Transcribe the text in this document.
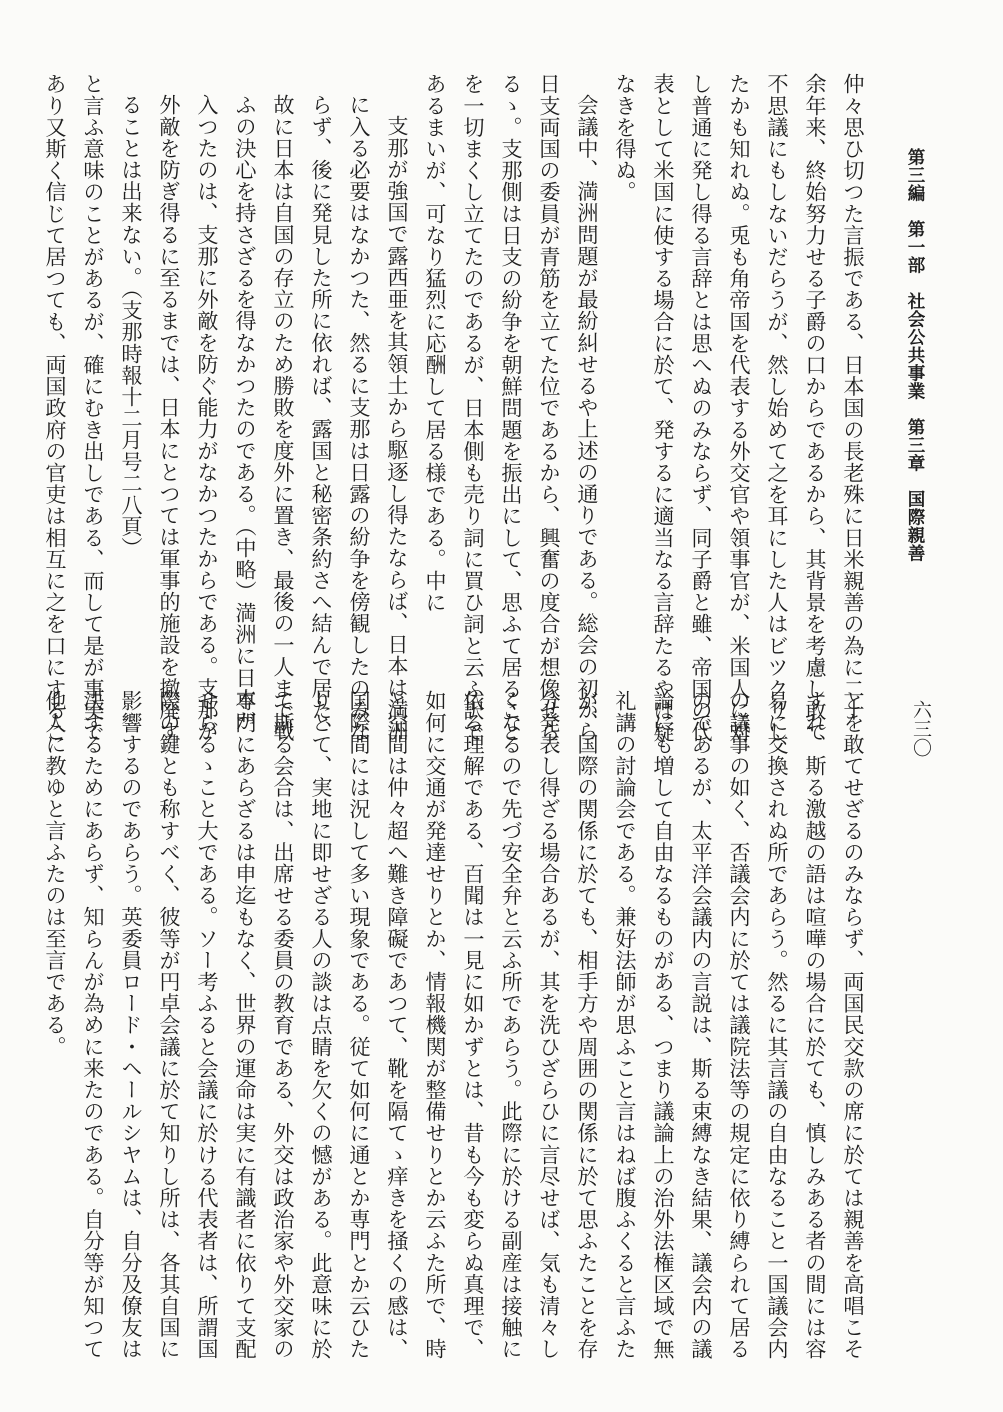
第三編　第一部　社会公共事業　第三章　国際親善
六三〇
仲々思ひ切つた言振である、日本国の長老殊に日米親善の為に二十
余年来、終始努力せる子爵の口からであるから、其背景を考慮し敢て
不思議にもしないだらうが、然し始めて之を耳にした人はビツクリし
たかも知れぬ。兎も角帝国を代表する外交官や領事官が、米国人に対
し普通に発し得る言辞とは思へぬのみならず、同子爵と雖、帝国の代
表として米国に使する場合に於て、発するに適当なる言辞たるやは疑
なきを得ぬ。
会議中、満洲問題が最紛糾せるや上述の通りである。総会の初から
日支両国の委員が青筋を立てた位であるから、興奮の度合が想像せら
るゝ。支那側は日支の紛争を朝鮮問題を振出にして、思ふて居ること
を一切まくし立てたのであるが、日本側も売り詞に買ひ詞と云ふ訳で
あるまいが、可なり猛烈に応酬して居る様である。中に
支那が強国で露西亜を其領土から駆逐し得たならば、日本は満洲
に入る必要はなかつた、然るに支那は日露の紛争を傍観したのみな
らず、後に発見した所に依れば、露国と秘密条約さへ結んで居た、
故に日本は自国の存立のため勝敗を度外に置き、最後の一人まで戦
ふの決心を持さざるを得なかつたのである。（中略）満洲に日本が
入つたのは、支那に外敵を防ぐ能力がなかつたからである。支那が
外敵を防ぎ得るに至るまでは、日本にとつては軍事的施設を撤廃す
ることは出来ない。（支那時報十二月号二八頁）
と言ふ意味のことがあるが、確にむき出しである、而して是が事実で
あり又斯く信じて居つても、両国政府の官吏は相互に之を口にするこ
とを敢てせざるのみならず、両国民交款の席に於ては親善を高唱こそ
すれ、斯る激越の語は喧嘩の場合に於ても、慎しみある者の間には容
易に交換されぬ所であらう。然るに其言議の自由なること一国議会内
の議事の如く、否議会内に於ては議院法等の規定に依り縛られて居る
のであるが、太平洋会議内の言説は、斯る束縛なき結果、議会内の議
論にも増して自由なるものがある、つまり議論上の治外法権区域で無
礼講の討論会である。兼好法師が思ふこと言はねば腹ふくると言ふた
が、国際の関係に於ても、相手方や周囲の関係に於て思ふたことを存
分発表し得ざる場合あるが、其を洗ひざらひに言尽せば、気も清々し
くなるので先づ安全弁と云ふ所であらう。此際に於ける副産は接触に
依る理解である、百聞は一見に如かずとは、昔も今も変らぬ真理で、
如何に交通が発達せりとか、情報機関が整備せりとか云ふた所で、時
と空間は仲々超へ難き障礙であつて、靴を隔てゝ痒きを掻くの感は、
国際間には況して多い現象である。従て如何に通とか専門とか云ひた
りとて、実地に即せざる人の談は点睛を欠くの憾がある。此意味に於
て斯る会合は、出席せる委員の教育である、外交は政治家や外交家の
専門にあらざるは申迄もなく、世界の運命は実に有識者に依りて支配
せらるゝこと大である。ソー考ふると会議に於ける代表者は、所謂国
際の鍵とも称すべく、彼等が円卓会議に於て知りし所は、各其自国に
影響するのであらう。英委員ロード・ヘールシヤムは、自分及僚友は
決するためにあらず、知らんが為めに来たのである。自分等が知つて
他人に教ゆと言ふたのは至言である。
